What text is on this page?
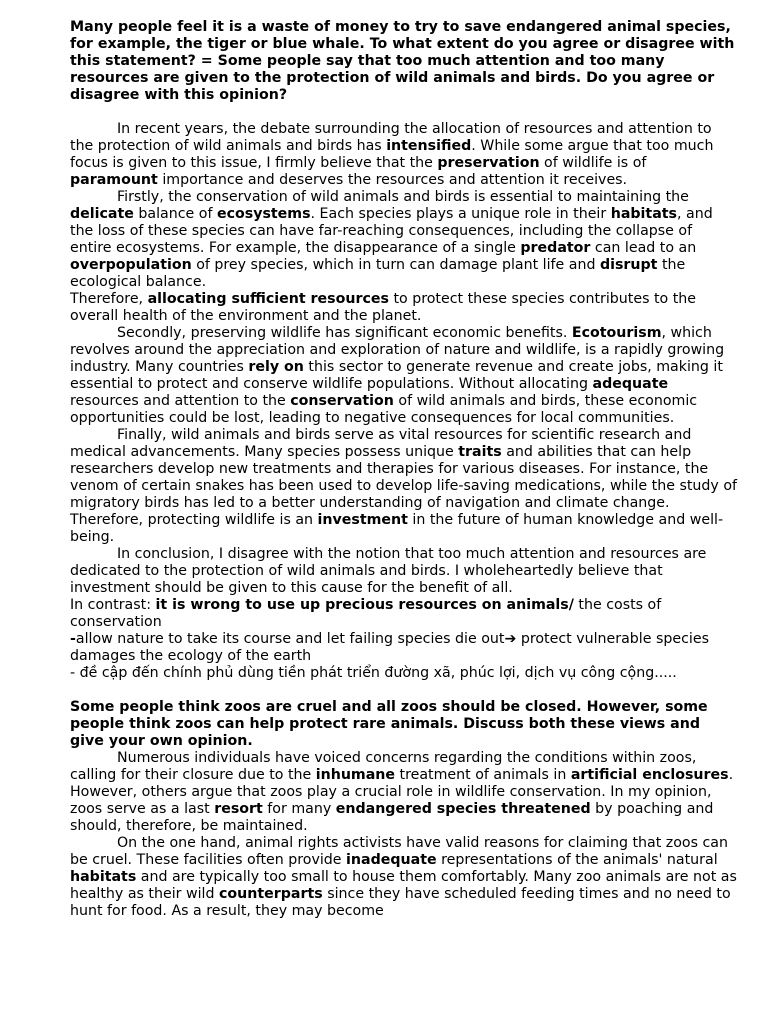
Many people feel it is a waste of money to try to save endangered animal species, for example, the tiger or blue whale. To what extent do you agree or disagree with this statement? = Some people say that too much attention and too many resources are given to the protection of wild animals and birds. Do you agree or disagree with this opinion?

In recent years, the debate surrounding the allocation of resources and attention to the protection of wild animals and birds has intensified. While some argue that too much focus is given to this issue, I firmly believe that the preservation of wildlife is of paramount importance and deserves the resources and attention it receives.

Firstly, the conservation of wild animals and birds is essential to maintaining the delicate balance of ecosystems. Each species plays a unique role in their habitats, and the loss of these species can have far-reaching consequences, including the collapse of entire ecosystems. For example, the disappearance of a single predator can lead to an overpopulation of prey species, which in turn can damage plant life and disrupt the ecological balance.

Therefore, allocating sufficient resources to protect these species contributes to the overall health of the environment and the planet.

Secondly, preserving wildlife has significant economic benefits. Ecotourism, which revolves around the appreciation and exploration of nature and wildlife, is a rapidly growing industry. Many countries rely on this sector to generate revenue and create jobs, making it essential to protect and conserve wildlife populations. Without allocating adequate resources and attention to the conservation of wild animals and birds, these economic opportunities could be lost, leading to negative consequences for local communities.

Finally, wild animals and birds serve as vital resources for scientific research and medical advancements. Many species possess unique traits and abilities that can help researchers develop new treatments and therapies for various diseases. For instance, the venom of certain snakes has been used to develop life-saving medications, while the study of migratory birds has led to a better understanding of navigation and climate change. Therefore, protecting wildlife is an investment in the future of human knowledge and well-being.

In conclusion, I disagree with the notion that too much attention and resources are dedicated to the protection of wild animals and birds. I wholeheartedly believe that investment should be given to this cause for the benefit of all.

In contrast: it is wrong to use up precious resources on animals/ the costs of conservation

-allow nature to take its course and let failing species die out➔ protect vulnerable species damages the ecology of the earth

- đề cập đến chính phủ dùng tiền phát triển đường xã, phúc lợi, dịch vụ công cộng.....

Some people think zoos are cruel and all zoos should be closed. However, some people think zoos can help protect rare animals. Discuss both these views and give your own opinion.

Numerous individuals have voiced concerns regarding the conditions within zoos, calling for their closure due to the inhumane treatment of animals in artificial enclosures. However, others argue that zoos play a crucial role in wildlife conservation. In my opinion, zoos serve as a last resort for many endangered species threatened by poaching and should, therefore, be maintained.

On the one hand, animal rights activists have valid reasons for claiming that zoos can be cruel. These facilities often provide inadequate representations of the animals' natural habitats and are typically too small to house them comfortably. Many zoo animals are not as healthy as their wild counterparts since they have scheduled feeding times and no need to hunt for food. As a result, they may become
